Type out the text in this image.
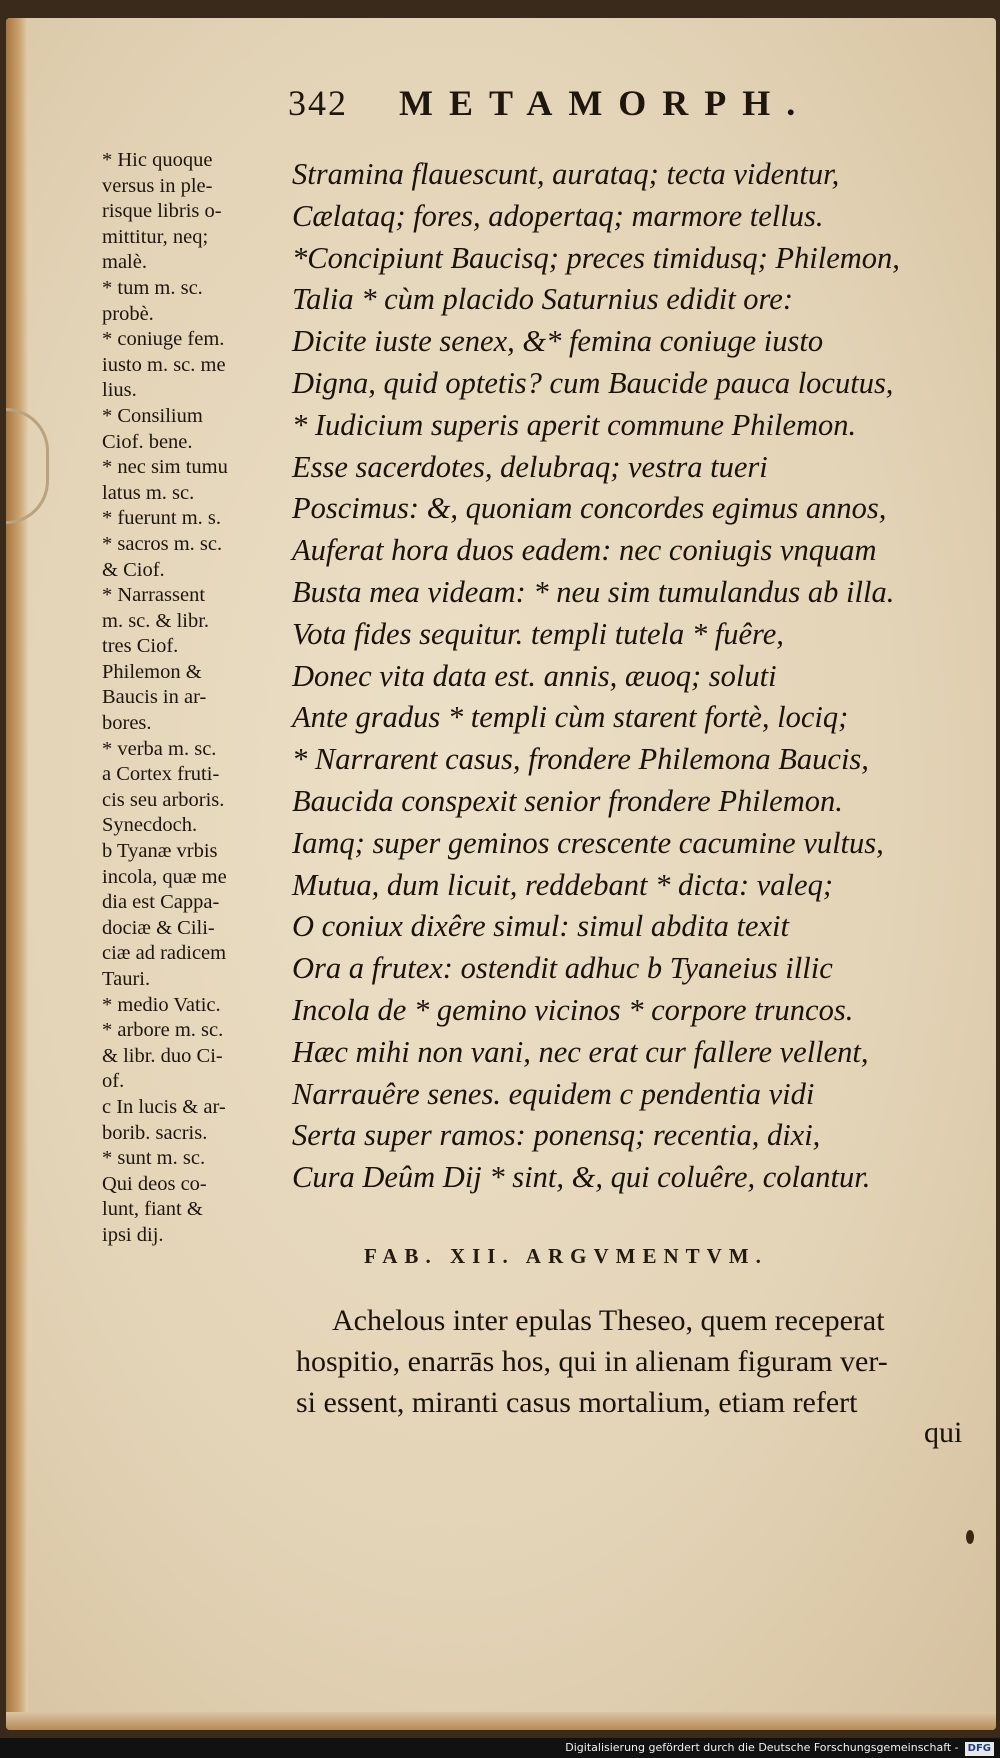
342 METAMORPH.
* Hic quoque
versus in ple-
risque libris o-
mittitur, neq;
malè.
* tum m. sc.
probè.
* coniuge fem.
iusto m. sc. me
lius.
* Consilium
Ciof. bene.
* nec sim tumu
latus m. sc.
* fuerunt m. s.
* sacros m. sc.
& Ciof.
* Narrassent
m. sc. & libr.
tres Ciof.
Philemon &
Baucis in ar-
bores.
* verba m. sc.
a Cortex fruti-
cis seu arboris.
Synecdoch.
b Tyanæ vrbis
incola, quæ me
dia est Cappa-
dociæ & Cili-
ciæ ad radicem
Tauri.
* medio Vatic.
* arbore m. sc.
& libr. duo Ci-
of.
c In lucis & ar-
borib. sacris.
* sunt m. sc.
Qui deos co-
lunt, fiant &
ipsi dij.
Stramina flauescunt, aurataq; tecta videntur,
Cælataq; fores, adopertaq; marmore tellus.
*Concipiunt Baucisq; preces timidusq; Philemon,
Talia * cùm placido Saturnius edidit ore:
Dicite iuste senex, &* femina coniuge iusto
Digna, quid optetis? cum Baucide pauca locutus,
* Iudicium superis aperit commune Philemon.
Esse sacerdotes, delubraq; vestra tueri
Poscimus: &, quoniam concordes egimus annos,
Auferat hora duos eadem: nec coniugis vnquam
Busta mea videam: * neu sim tumulandus ab illa.
Vota fides sequitur. templi tutela * fuêre,
Donec vita data est. annis, æuoq; soluti
Ante gradus * templi cùm starent fortè, lociq;
* Narrarent casus, frondere Philemona Baucis,
Baucida conspexit senior frondere Philemon.
Iamq; super geminos crescente cacumine vultus,
Mutua, dum licuit, reddebant * dicta: valeq;
O coniux dixêre simul: simul abdita texit
Ora a frutex: ostendit adhuc b Tyaneius illic
Incola de * gemino vicinos * corpore truncos.
Hæc mihi non vani, nec erat cur fallere vellent,
Narrauêre senes. equidem c pendentia vidi
Serta super ramos: ponensq; recentia, dixi,
Cura Deûm Dij * sint, &, qui coluêre, colantur.
FAB. XII. ARGVMENTVM.
Achelous inter epulas Theseo, quem receperat
hospitio, enarrās hos, qui in alienam figuram ver-
si essent, miranti casus mortalium, etiam refert
qui
Digitalisierung gefördert durch die Deutsche Forschungsgemeinschaft - DFG
